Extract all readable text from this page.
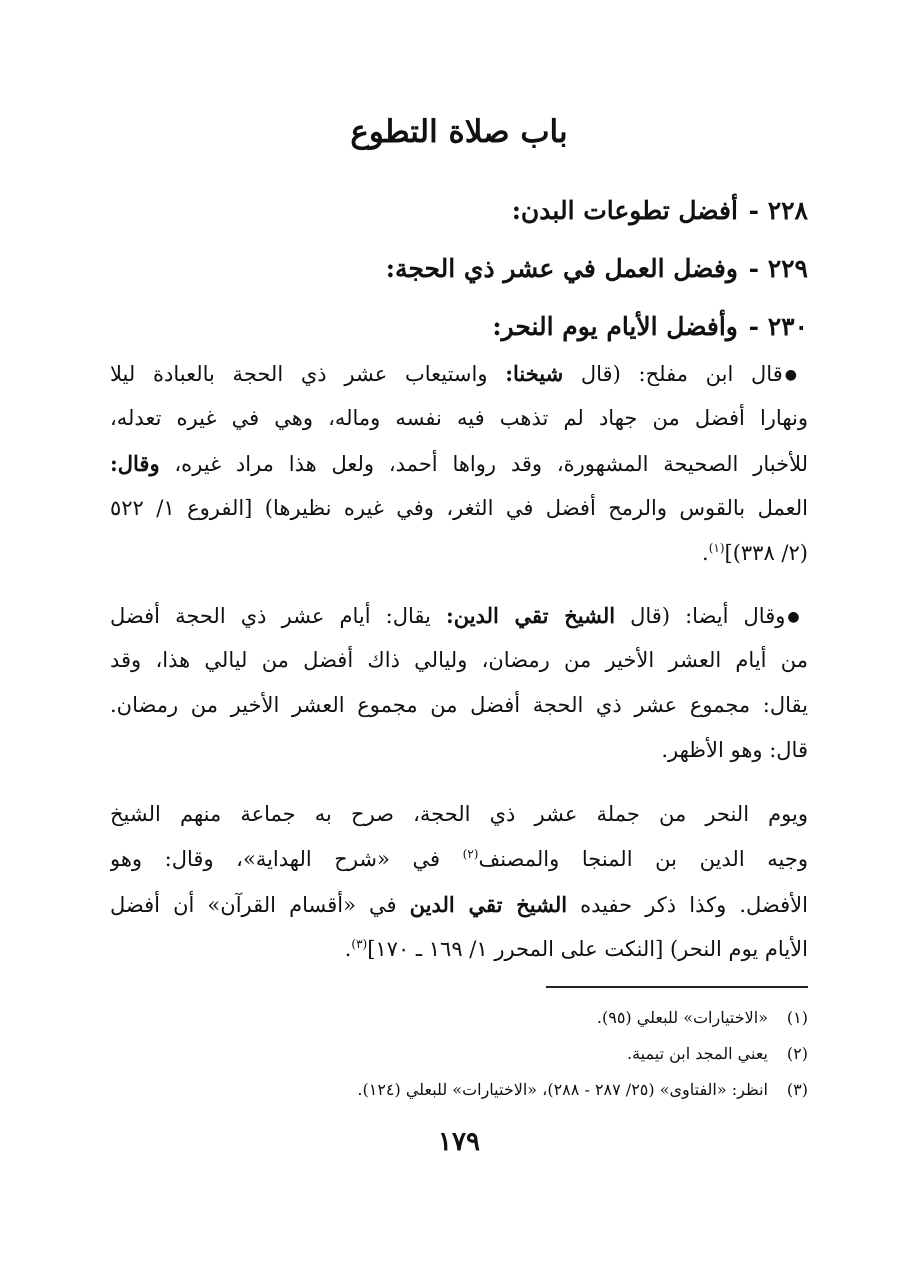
باب صلاة التطوع
٢٢٨ - أفضل تطوعات البدن:
٢٢٩ - وفضل العمل في عشر ذي الحجة:
٢٣٠ - وأفضل الأيام يوم النحر:
●قال ابن مفلح: (قال شيخنا: واستيعاب عشر ذي الحجة بالعبادة ليلا
ونهارا أفضل من جهاد لم تذهب فيه نفسه وماله، وهي في غيره تعدله،
للأخبار الصحيحة المشهورة، وقد رواها أحمد، ولعل هذا مراد غيره، وقال:
العمل بالقوس والرمح أفضل في الثغر، وفي غيره نظيرها) [الفروع ١/ ٥٢٢
(٢/ ٣٣٨)]$^{(١)}$.
●وقال أيضا: (قال الشيخ تقي الدين: يقال: أيام عشر ذي الحجة أفضل
من أيام العشر الأخير من رمضان، وليالي ذاك أفضل من ليالي هذا، وقد
يقال: مجموع عشر ذي الحجة أفضل من مجموع العشر الأخير من رمضان.
قال: وهو الأظهر.
ويوم النحر من جملة عشر ذي الحجة، صرح به جماعة منهم الشيخ
وجيه الدين بن المنجا والمصنف$^{(٢)}$ في «شرح الهداية»، وقال: وهو
الأفضل. وكذا ذكر حفيده الشيخ تقي الدين في «أقسام القرآن» أن أفضل
الأيام يوم النحر) [النكت على المحرر ١/ ١٦٩ ـ ١٧٠]$^{(٣)}$.
(١)«الاختيارات» للبعلي (٩٥).
(٢)يعني المجد ابن تيمية.
(٣)انظر: «الفتاوى» (٢٥/ ٢٨٧ - ٢٨٨)، «الاختيارات» للبعلي (١٢٤).
١٧٩
